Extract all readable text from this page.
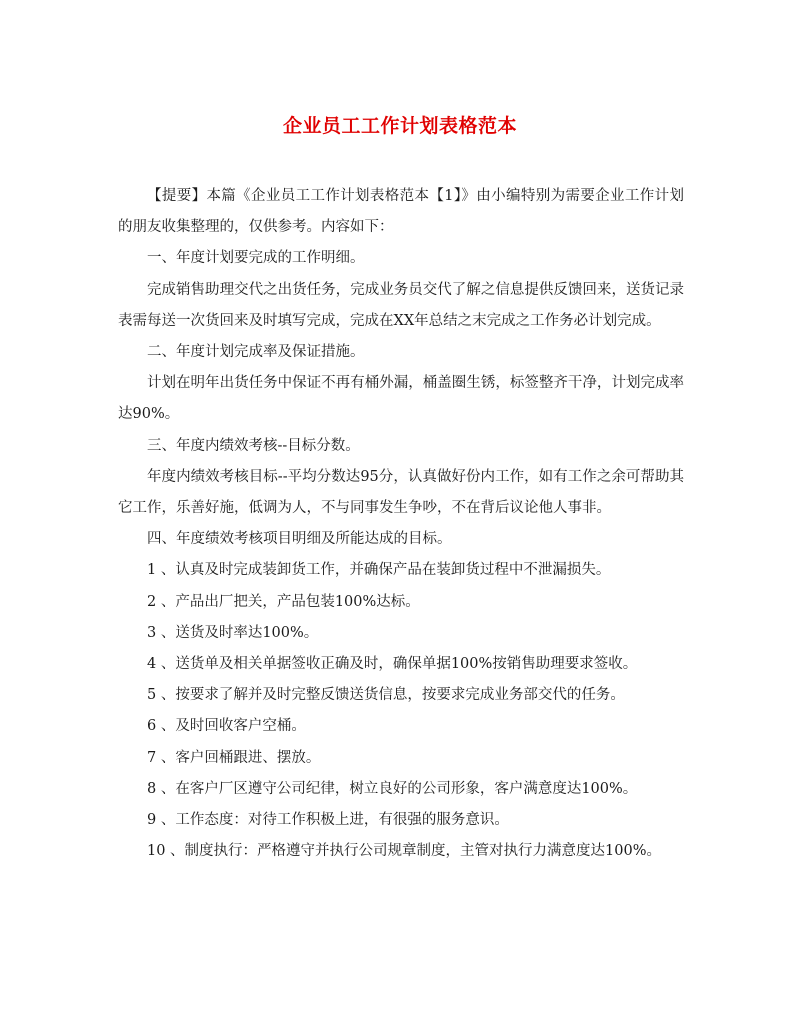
企业员工工作计划表格范本

【提要】本篇《企业员工工作计划表格范本【1】》由小编特别为需要企业工作计划的朋友收集整理的，仅供参考。内容如下：

一、年度计划要完成的工作明细。

完成销售助理交代之出货任务，完成业务员交代了解之信息提供反馈回来，送货记录表需每送一次货回来及时填写完成，完成在XX年总结之末完成之工作务必计划完成。

二、年度计划完成率及保证措施。

计划在明年出货任务中保证不再有桶外漏，桶盖圈生锈，标签整齐干净，计划完成率达90%。

三、年度内绩效考核--目标分数。

年度内绩效考核目标--平均分数达95分，认真做好份内工作，如有工作之余可帮助其它工作，乐善好施，低调为人，不与同事发生争吵，不在背后议论他人事非。

四、年度绩效考核项目明细及所能达成的目标。

1 、认真及时完成装卸货工作，并确保产品在装卸货过程中不泄漏损失。

2 、产品出厂把关，产品包装100%达标。

3 、送货及时率达100%。

4 、送货单及相关单据签收正确及时，确保单据100%按销售助理要求签收。

5 、按要求了解并及时完整反馈送货信息，按要求完成业务部交代的任务。

6 、及时回收客户空桶。

7 、客户回桶跟进、摆放。

8 、在客户厂区遵守公司纪律，树立良好的公司形象，客户满意度达100%。

9 、工作态度：对待工作积极上进，有很强的服务意识。

10 、制度执行：严格遵守并执行公司规章制度，主管对执行力满意度达100%。
